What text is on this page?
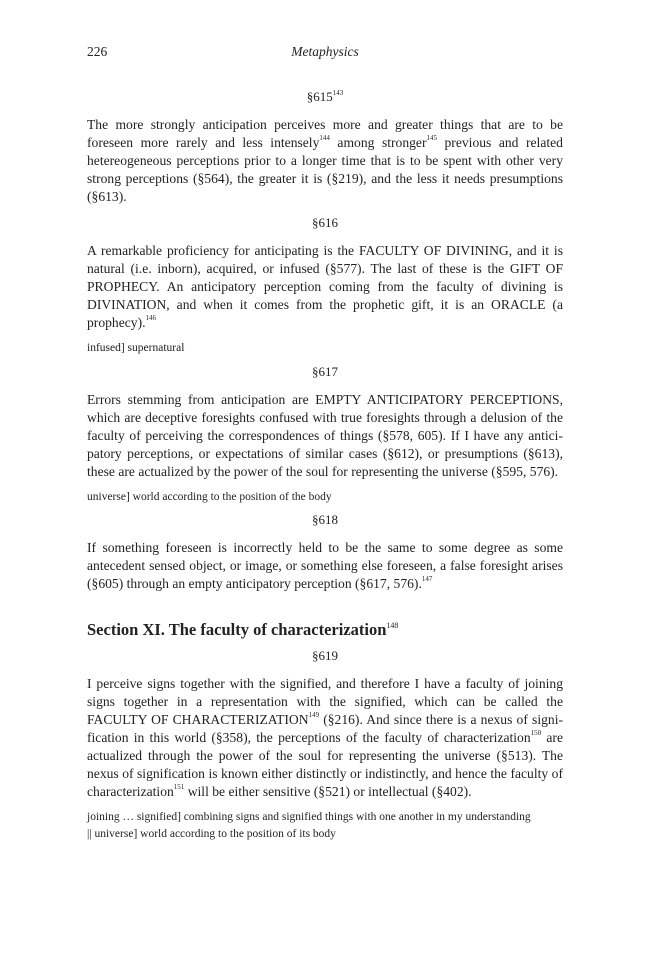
226	Metaphysics
$\S 615^{143}$

The more strongly anticipation perceives more and greater things that are to be foreseen more rarely and less intensely$^{144}$ among stronger$^{145}$ previous and related hetereogeneous perceptions prior to a longer time that is to be spent with other very strong perceptions (§564), the greater it is (§219), and the less it needs presumptions (§613).

§616

A remarkable proficiency for anticipating is the FACULTY OF DIVINING, and it is natural (i.e. inborn), acquired, or infused (§577). The last of these is the GIFT OF PROPHECY. An anticipatory perception coming from the faculty of divining is DIVINATION, and when it comes from the prophetic gift, it is an ORACLE (a prophecy).$^{146}$

infused] supernatural
§617

Errors stemming from anticipation are EMPTY ANTICIPATORY PERCEPTIONS, which are deceptive foresights confused with true foresights through a delusion of the faculty of perceiving the correspondences of things (§578, 605). If I have any anticipatory perceptions, or expectations of similar cases (§612), or presumptions (§613), these are actualized by the power of the soul for representing the universe (§595, 576).

universe] world according to the position of the body
§618

If something foreseen is incorrectly held to be the same to some degree as some antecedent sensed object, or image, or something else foreseen, a false foresight arises (§605) through an empty anticipatory perception (§617, 576).$^{147}$

Section XI. The faculty of characterization$^{148}$
§619

I perceive signs together with the signified, and therefore I have a faculty of joining signs together in a representation with the signified, which can be called the FACULTY OF CHARACTERIZATION$^{149}$ (§216). And since there is a nexus of signification in this world (§358), the perceptions of the faculty of characterization$^{150}$ are actualized through the power of the soul for representing the universe (§513). The nexus of signification is known either distinctly or indistinctly, and hence the faculty of characterization$^{151}$ will be either sensitive (§521) or intellectual (§402).

joining … signified] combining signs and signified things with one another in my understanding
|| universe] world according to the position of its body
